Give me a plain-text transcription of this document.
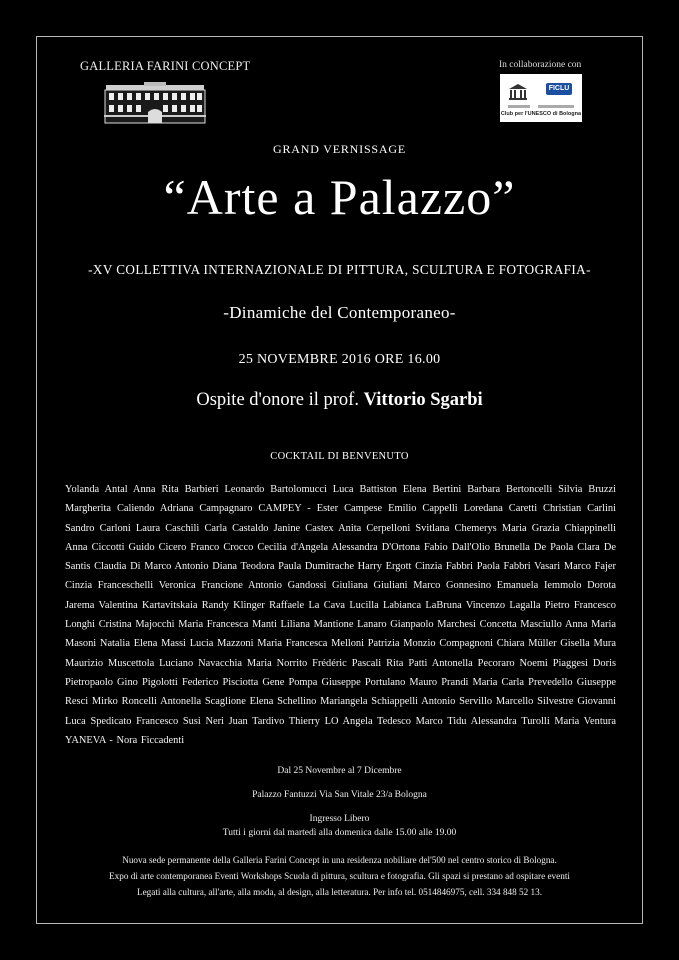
GALLERIA FARINI CONCEPT	In collaborazione con
FICLU
Club per l'UNESCO di Bologna
GRAND VERNISSAGE
“Arte a Palazzo”
-XV COLLETTIVA INTERNAZIONALE DI PITTURA, SCULTURA E FOTOGRAFIA-
-Dinamiche del Contemporaneo-
25 NOVEMBRE 2016 ORE 16.00
Ospite d'onore il prof. Vittorio Sgarbi
COCKTAIL DI BENVENUTO
Yolanda Antal Anna Rita Barbieri Leonardo Bartolomucci Luca Battiston Elena Bertini Barbara Bertoncelli Silvia Bruzzi Margherita Caliendo Adriana Campagnaro CAMPEY - Ester Campese Emilio Cappelli Loredana Caretti Christian Carlini Sandro Carloni Laura Caschili Carla Castaldo Janine Castex Anita Cerpelloni Svitlana Chemerys Maria Grazia Chiappinelli Anna Ciccotti Guido Cicero Franco Crocco Cecilia d'Angela Alessandra D'Ortona Fabio Dall'Olio Brunella De Paola Clara De Santis Claudia Di Marco Antonio Diana Teodora Paula Dumitrache Harry Ergott Cinzia Fabbri Paola Fabbri Vasari Marco Fajer Cinzia Franceschelli Veronica Francione Antonio Gandossi Giuliana Giuliani Marco Gonnesino Emanuela Iemmolo Dorota Jarema Valentina Kartavitskaia Randy Klinger Raffaele La Cava Lucilla Labianca LaBruna Vincenzo Lagalla Pietro Francesco Longhi Cristina Majocchi Maria Francesca Manti Liliana Mantione Lanaro Gianpaolo Marchesi Concetta Masciullo Anna Maria Masoni Natalia Elena Massi Lucia Mazzoni Maria Francesca Melloni Patrizia Monzio Compagnoni Chiara Müller Gisella Mura Maurizio Muscettola Luciano Navacchia Maria Norrito Frédéric Pascali Rita Patti Antonella Pecoraro Noemi Piaggesi Doris Pietropaolo Gino Pigolotti Federico Pisciotta Gene Pompa Giuseppe Portulano Mauro Prandi Maria Carla Prevedello Giuseppe Resci Mirko Roncelli Antonella Scaglione Elena Schellino Mariangela Schiappelli Antonio Servillo Marcello Silvestre Giovanni Luca Spedicato Francesco Susi Neri Juan Tardivo Thierry LO Angela Tedesco Marco Tidu Alessandra Turolli Maria Ventura YANEVA - Nora Ficcadenti
Dal 25 Novembre al 7 Dicembre
Palazzo Fantuzzi Via San Vitale 23/a Bologna
Ingresso Libero
Tutti i giorni dal martedì alla domenica dalle 15.00 alle 19.00
Nuova sede permanente della Galleria Farini Concept in una residenza nobiliare del'500 nel centro storico di Bologna.
Expo di arte contemporanea Eventi Workshops Scuola di pittura, scultura e fotografia. Gli spazi si prestano ad ospitare eventi
Legati alla cultura, all'arte, alla moda, al design, alla letteratura. Per info tel. 0514846975, cell. 334 848 52 13.
